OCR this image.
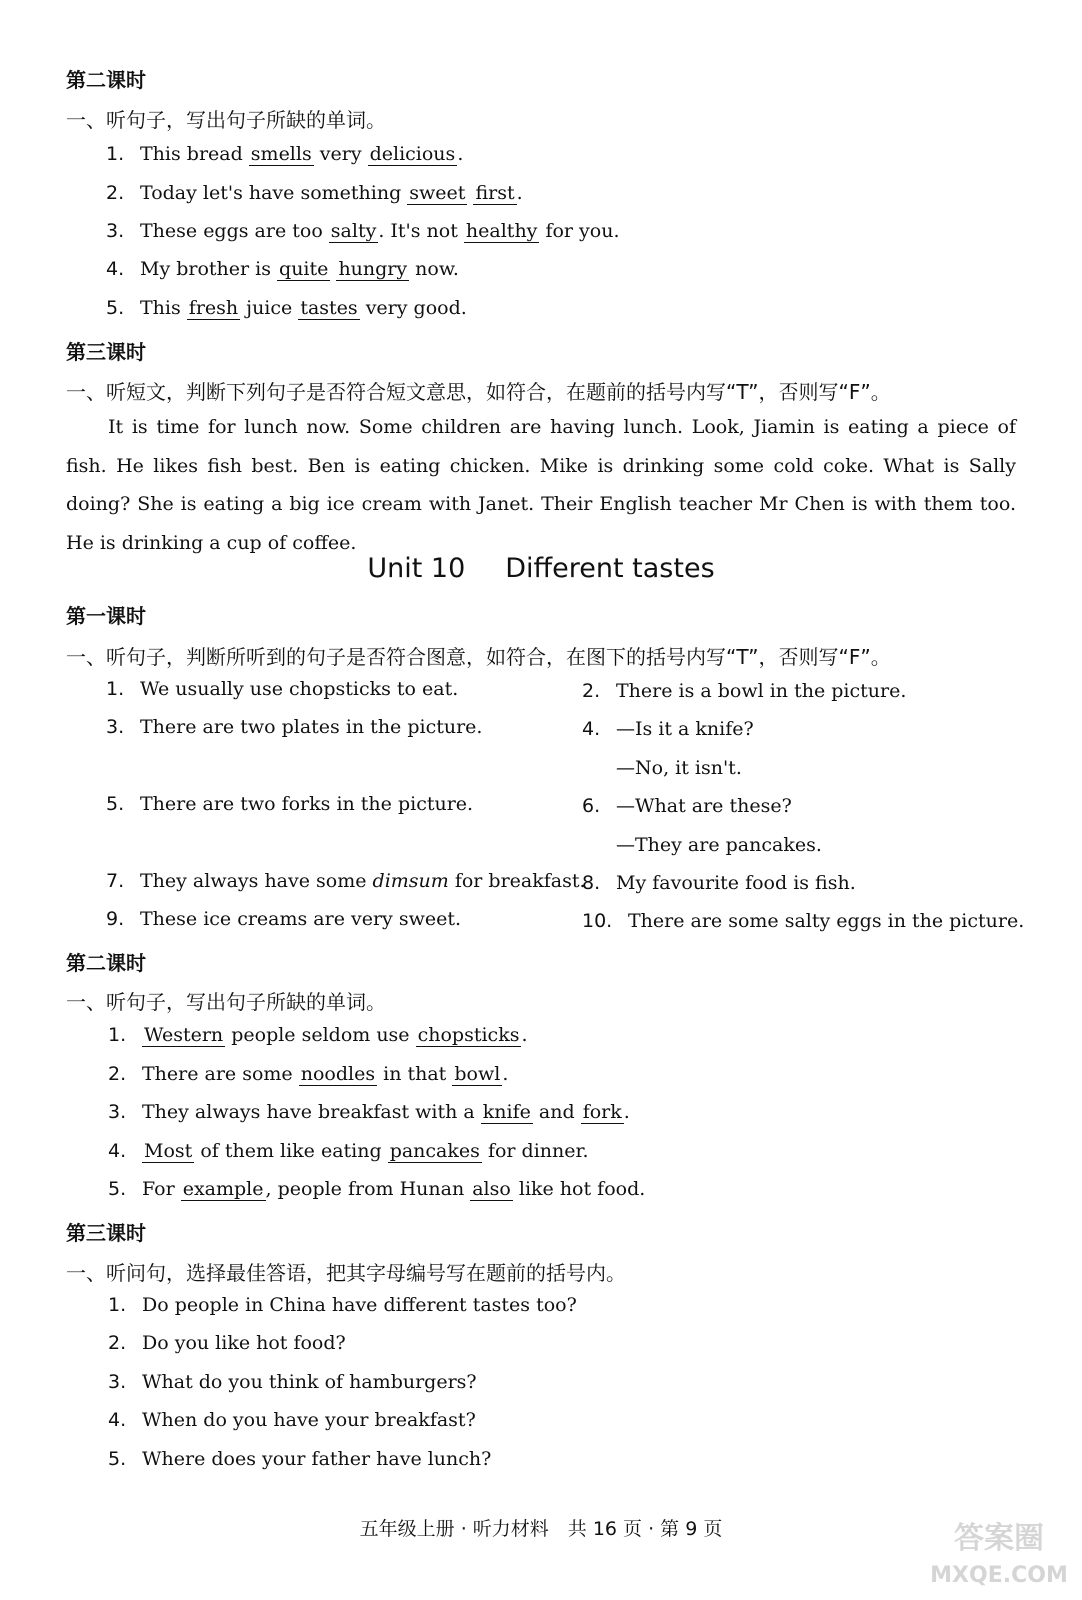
第二课时
一、听句子，写出句子所缺的单词。
1. This bread smells very delicious .
2. Today let's have something sweet first .
3. These eggs are too salty . It's not healthy for you.
4. My brother is quite hungry now.
5. This fresh juice tastes very good.
第三课时
一、听短文，判断下列句子是否符合短文意思，如符合，在题前的括号内写“T”，否则写“F”。
It is time for lunch now. Some children are having lunch. Look, Jiamin is eating a piece of fish. He likes fish best. Ben is eating chicken. Mike is drinking some cold coke. What is Sally doing? She is eating a big ice cream with Janet. Their English teacher Mr Chen is with them too. He is drinking a cup of coffee.
Unit 10 Different tastes
第一课时
一、听句子，判断所听到的句子是否符合图意，如符合，在图下的括号内写“T”，否则写“F”。
1. We usually use chopsticks to eat.
3. There are two plates in the picture.
5. There are two forks in the picture.
7. They always have some dimsum for breakfast.
9. These ice creams are very sweet.
2. There is a bowl in the picture.
4. —Is it a knife?
—No, it isn't.
6. —What are these?
—They are pancakes.
8. My favourite food is fish.
10. There are some salty eggs in the picture.
第二课时
一、听句子，写出句子所缺的单词。
1. Western people seldom use chopsticks .
2. There are some noodles in that bowl .
3. They always have breakfast with a knife and fork .
4. Most of them like eating pancakes for dinner.
5. For example , people from Hunan also like hot food.
第三课时
一、听问句，选择最佳答语，把其字母编号写在题前的括号内。
1. Do people in China have different tastes too?
2. Do you like hot food?
3. What do you think of hamburgers?
4. When do you have your breakfast?
5. Where does your father have lunch?
五年级上册 · 听力材料　共 16 页 · 第 9 页	答案圈
MXQE.COM
